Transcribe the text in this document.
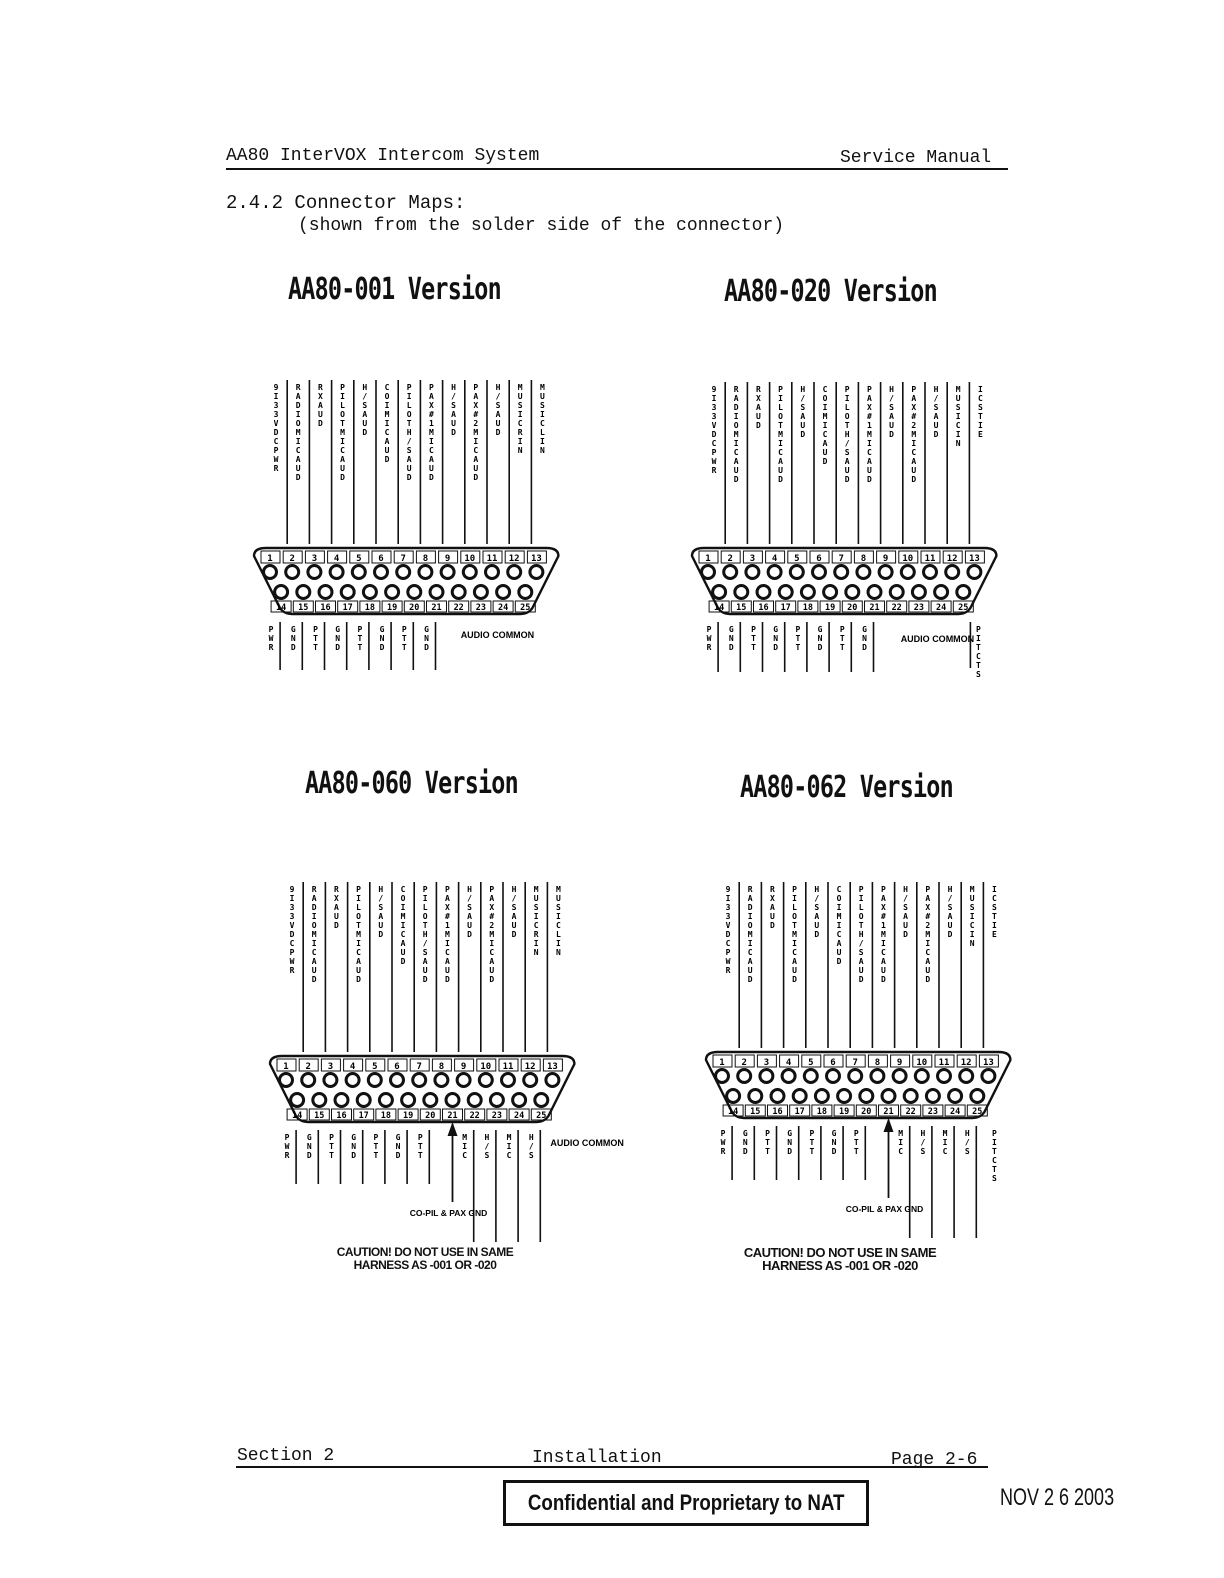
AA80 InterVOX Intercom System	Service Manual
2.4.2 Connector Maps:
(shown from the solder side of the connector)
AA80-001 Version	AA80-020 Version
AA80-060 Version	AA80-062 Version
9
I
3
3
V
D
C
P
W
R
R
A
D
I
O
M
I
C
A
U
D
R
X
A
U
D
P
I
L
O
T
M
I
C
A
U
D
H
/
S
A
U
D
C
O
I
M
I
C
A
U
D
P
I
L
O
T
H
/
S
A
U
D
P
A
X
#
1
M
I
C
A
U
D
H
/
S
A
U
D
P
A
X
#
2
M
I
C
A
U
D
H
/
S
A
U
D
M
U
S
I
C
R
I
N
M
U
S
I
C
L
I
N
1 2 3 4 5 6 7 8 9 10 11 12 13
14 15 16 17 18 19 20 21 22 23 24 25
P
W
R
G
N
D
P
T
T
G
N
D
P
T
T
G
N
D
P
T
T
G
N
D
AUDIO COMMON
9
I
3
3
V
D
C
P
W
R
R
A
D
I
O
M
I
C
A
U
D
R
X
A
U
D
P
I
L
O
T
M
I
C
A
U
D
H
/
S
A
U
D
C
O
I
M
I
C
A
U
D
P
I
L
O
T
H
/
S
A
U
D
P
A
X
#
1
M
I
C
A
U
D
H
/
S
A
U
D
P
A
X
#
2
M
I
C
A
U
D
H
/
S
A
U
D
M
U
S
I
C
I
N
I
C
S
T
I
E
1 2 3 4 5 6 7 8 9 10 11 12 13
14 15 16 17 18 19 20 21 22 23 24 25
P
W
R
G
N
D
P
T
T
G
N
D
P
T
T
G
N
D
P
T
T
G
N
D
AUDIO COMMON
P
I
T
C
T
S
9
I
3
3
V
D
C
P
W
R
R
A
D
I
O
M
I
C
A
U
D
R
X
A
U
D
P
I
L
O
T
M
I
C
A
U
D
H
/
S
A
U
D
C
O
I
M
I
C
A
U
D
P
I
L
O
T
H
/
S
A
U
D
P
A
X
#
1
M
I
C
A
U
D
H
/
S
A
U
D
P
A
X
#
2
M
I
C
A
U
D
H
/
S
A
U
D
M
U
S
I
C
R
I
N
M
U
S
I
C
L
I
N
1 2 3 4 5 6 7 8 9 10 11 12 13
14 15 16 17 18 19 20 21 22 23 24 25
P
W
R
G
N
D
P
T
T
G
N
D
P
T
T
G
N
D
P
T
T
M
I
C
H
/
S
M
I
C
H
/
S
CO-PIL & PAX GND
AUDIO COMMON
9
I
3
3
V
D
C
P
W
R
R
A
D
I
O
M
I
C
A
U
D
R
X
A
U
D
P
I
L
O
T
M
I
C
A
U
D
H
/
S
A
U
D
C
O
I
M
I
C
A
U
D
P
I
L
O
T
H
/
S
A
U
D
P
A
X
#
1
M
I
C
A
U
D
H
/
S
A
U
D
P
A
X
#
2
M
I
C
A
U
D
H
/
S
A
U
D
M
U
S
I
C
I
N
I
C
S
T
I
E
1 2 3 4 5 6 7 8 9 10 11 12 13
14 15 16 17 18 19 20 21 22 23 24 25
P
W
R
G
N
D
P
T
T
G
N
D
P
T
T
G
N
D
P
T
T
M
I
C
H
/
S
M
I
C
H
/
S
CO-PIL & PAX GND
P
I
T
C
T
S
CAUTION! DO NOT USE IN SAME HARNESS AS -001 OR -020
CAUTION! DO NOT USE IN SAME HARNESS AS -001 OR -020
Section 2	Installation	Page 2-6
Confidential and Proprietary to NAT	NOV 2 6 2003
